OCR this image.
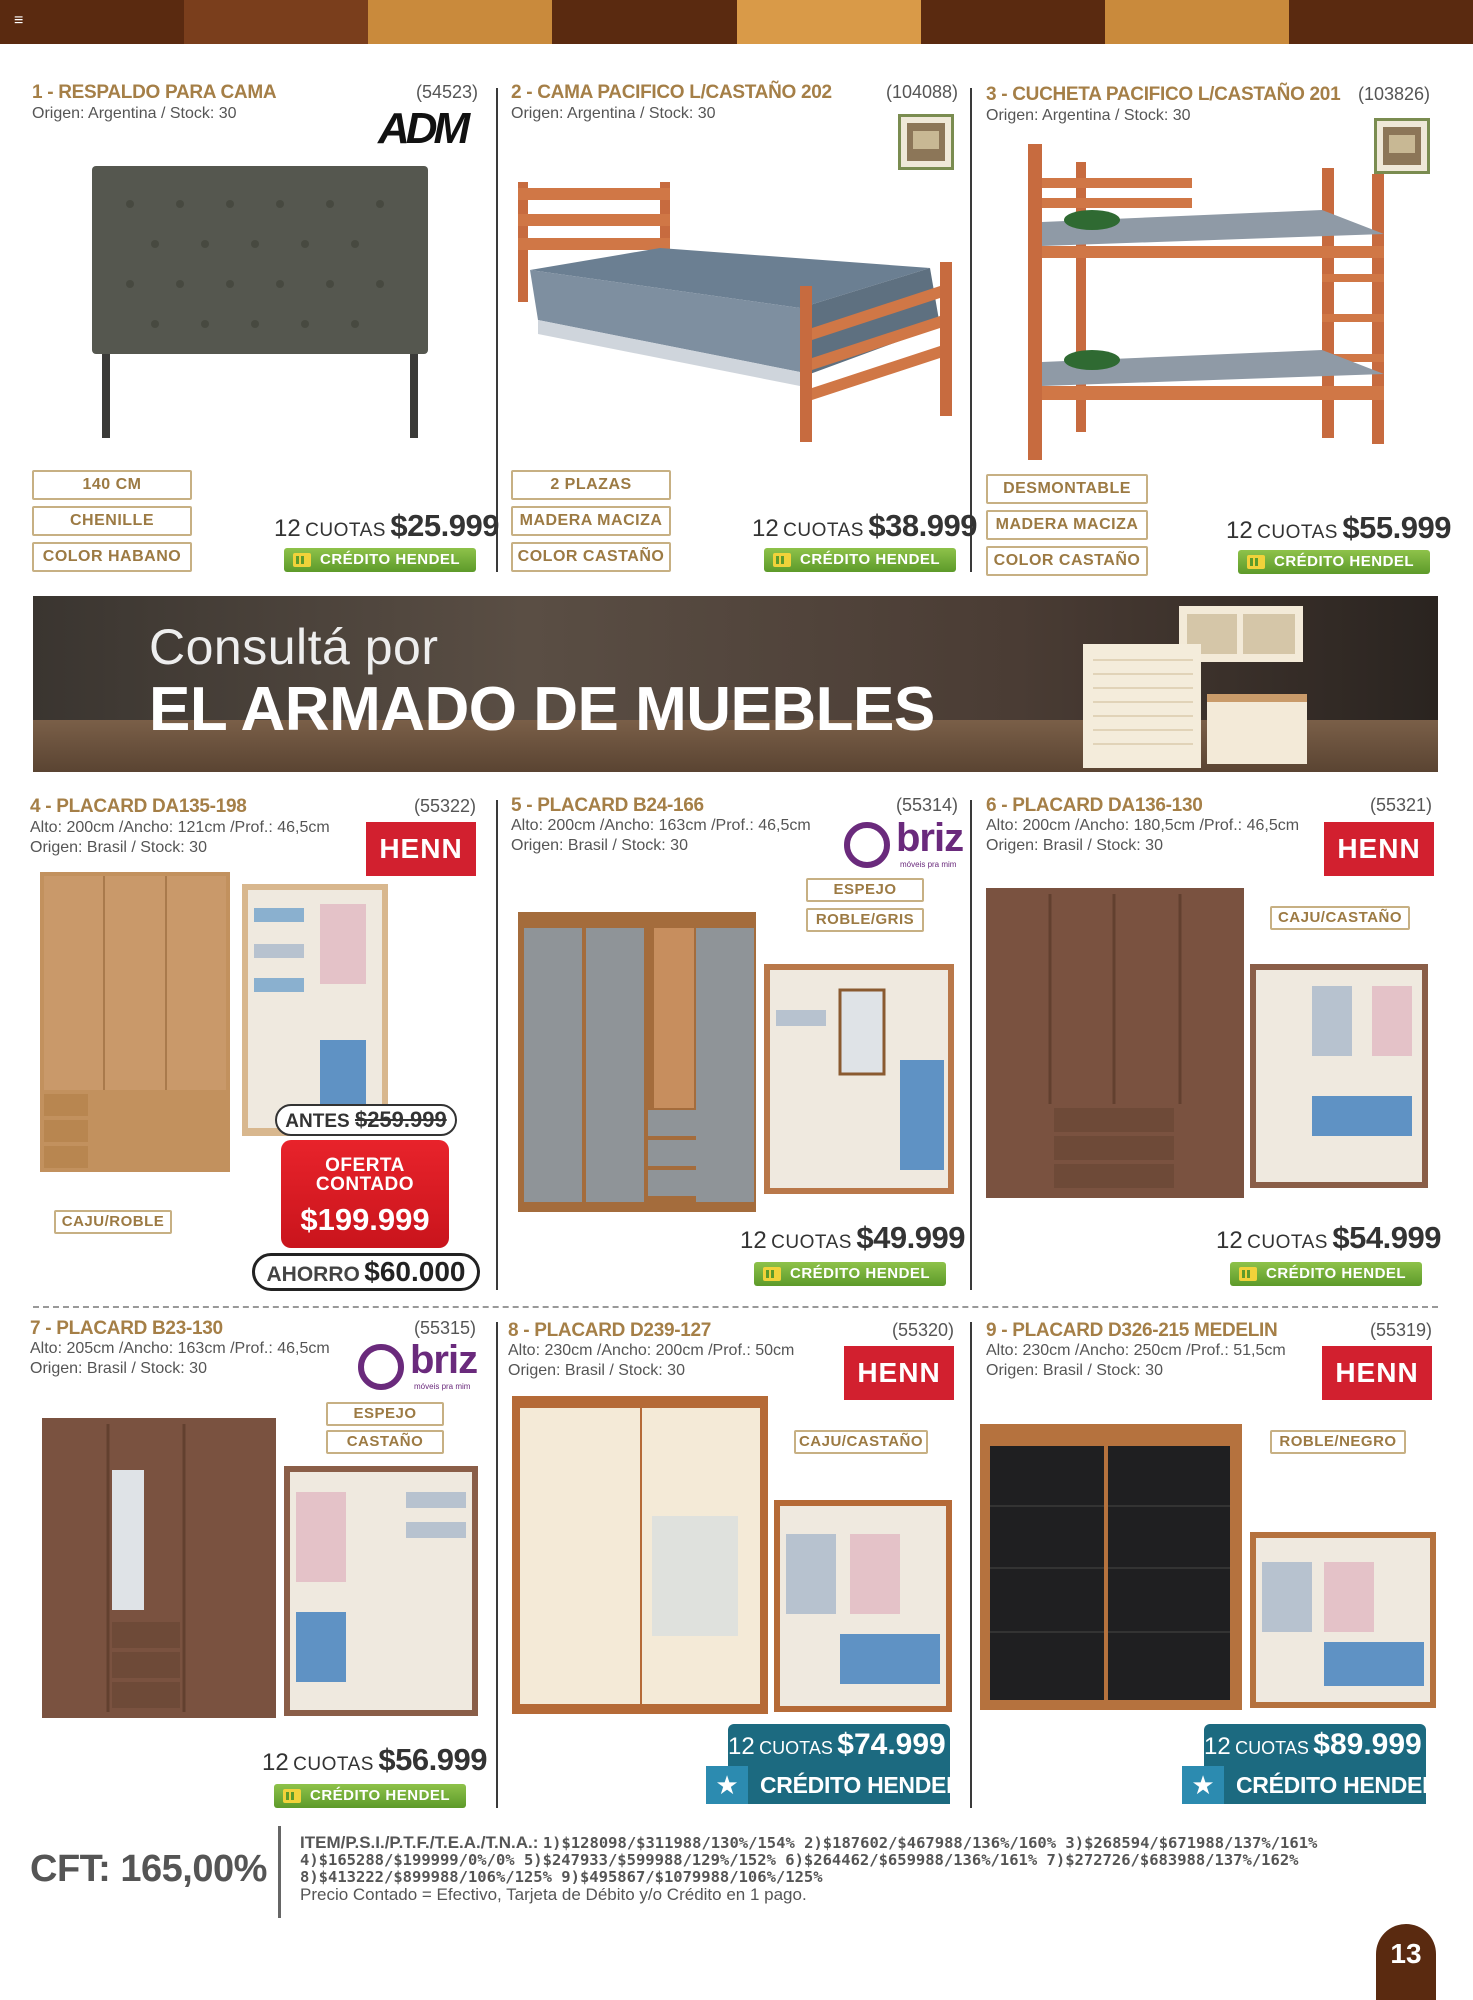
≡
1 - RESPALDO PARA CAMA	(54523)
Origen: Argentina / Stock: 30	ADM
140 CM
CHENILLE
COLOR HABANO
12 CUOTAS $25.999
CRÉDITO HENDEL
2 - CAMA PACIFICO L/CASTAÑO 202	(104088)
Origen: Argentina / Stock: 30
2 PLAZAS
MADERA MACIZA
COLOR CASTAÑO
12 CUOTAS $38.999
CRÉDITO HENDEL
3 - CUCHETA PACIFICO L/CASTAÑO 201 (103826)
Origen: Argentina / Stock: 30
DESMONTABLE
MADERA MACIZA
COLOR CASTAÑO
12 CUOTAS $55.999
CRÉDITO HENDEL
Consultá por
EL ARMADO DE MUEBLES
4 - PLACARD DA135-198	(55322)
Alto: 200cm /Ancho: 121cm /Prof.: 46,5cm
Origen: Brasil / Stock: 30	HENN
ANTES $259.999
OFERTA
CONTADO
$199.999
AHORRO $60.000
CAJU/ROBLE
5 - PLACARD B24-166	(55314)
Alto: 200cm /Ancho: 163cm /Prof.: 46,5cm
Origen: Brasil / Stock: 30	briz
móveis pra mim
ESPEJO
ROBLE/GRIS
12 CUOTAS $49.999
CRÉDITO HENDEL
6 - PLACARD DA136-130	(55321)
Alto: 200cm /Ancho: 180,5cm /Prof.: 46,5cm
Origen: Brasil / Stock: 30	HENN
CAJU/CASTAÑO
12 CUOTAS $54.999
CRÉDITO HENDEL
7 - PLACARD B23-130	(55315)
Alto: 205cm /Ancho: 163cm /Prof.: 46,5cm
Origen: Brasil / Stock: 30	briz
móveis pra mim
ESPEJO
CASTAÑO
12 CUOTAS $56.999
CRÉDITO HENDEL
8 - PLACARD D239-127	(55320)
Alto: 230cm /Ancho: 200cm /Prof.: 50cm
Origen: Brasil / Stock: 30	HENN
CAJU/CASTAÑO
12 CUOTAS $74.999
CRÉDITO HENDEL
★
9 - PLACARD D326-215 MEDELIN	(55319)
Alto: 230cm /Ancho: 250cm /Prof.: 51,5cm
Origen: Brasil / Stock: 30	HENN
ROBLE/NEGRO
12 CUOTAS $89.999
CRÉDITO HENDEL
★
CFT: 165,00%
ITEM/P.S.I./P.T.F./T.E.A./T.N.A.: 1)$128098/$311988/130%/154% 2)$187602/$467988/136%/160% 3)$268594/$671988/137%/161%
4)$165288/$199999/0%/0% 5)$247933/$599988/129%/152% 6)$264462/$659988/136%/161% 7)$272726/$683988/137%/162%
8)$413222/$899988/106%/125% 9)$495867/$1079988/106%/125%
Precio Contado = Efectivo, Tarjeta de Débito y/o Crédito en 1 pago.
13
